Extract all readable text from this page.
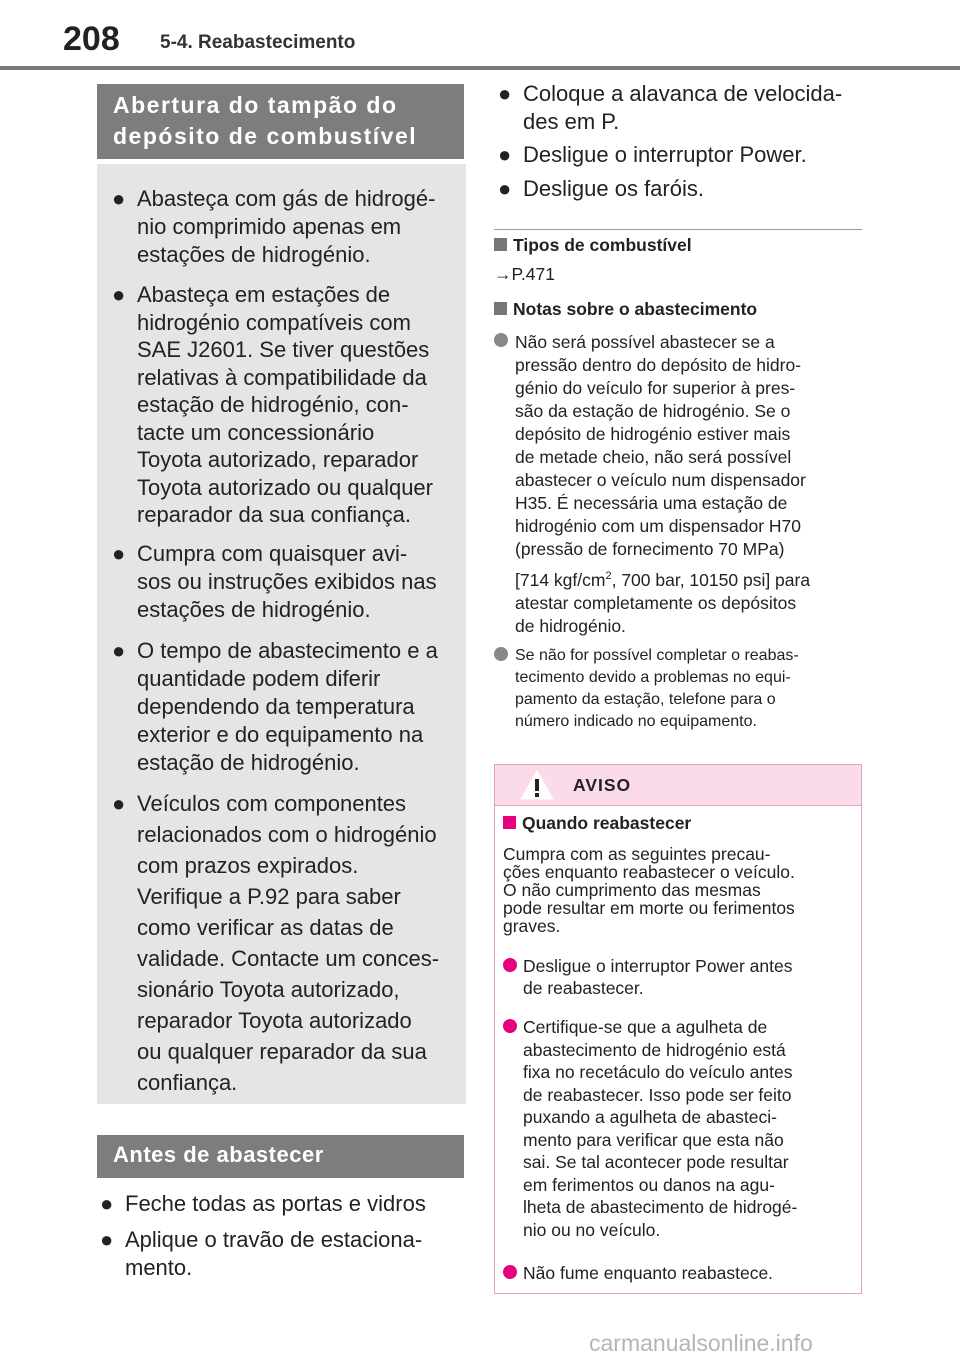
208 5-4. Reabastecimento
Abertura do tampão do
depósito de combustível
● Abasteça com gás de hidrogé-
nio comprimido apenas em
estações de hidrogénio.
● Abasteça em estações de
hidrogénio compatíveis com
SAE J2601. Se tiver questões
relativas à compatibilidade da
estação de hidrogénio, con-
tacte um concessionário
Toyota autorizado, reparador
Toyota autorizado ou qualquer
reparador da sua confiança.
● Cumpra com quaisquer avi-
sos ou instruções exibidos nas
estações de hidrogénio.
● O tempo de abastecimento e a
quantidade podem diferir
dependendo da temperatura
exterior e do equipamento na
estação de hidrogénio.
● Veículos com componentes
relacionados com o hidrogénio
com prazos expirados.
Verifique a P.92 para saber
como verificar as datas de
validade. Contacte um conces-
sionário Toyota autorizado,
reparador Toyota autorizado
ou qualquer reparador da sua
confiança.
Antes de abastecer
● Feche todas as portas e vidros
● Aplique o travão de estaciona-
mento.
● Coloque a alavanca de velocida-
des em P.
● Desligue o interruptor Power.
● Desligue os faróis.
Tipos de combustível
→P.471
Notas sobre o abastecimento
Não será possível abastecer se a
pressão dentro do depósito de hidro-
génio do veículo for superior à pres-
são da estação de hidrogénio. Se o
depósito de hidrogénio estiver mais
de metade cheio, não será possível
abastecer o veículo num dispensador
H35. É necessária uma estação de
hidrogénio com um dispensador H70
(pressão de fornecimento 70 MPa)
[714 kgf/$cm^2$, 700 bar, 10150 psi] para
atestar completamente os depósitos
de hidrogénio.
Se não for possível completar o reabas-
tecimento devido a problemas no equi-
pamento da estação, telefone para o
número indicado no equipamento.
AVISO
Quando reabastecer
Cumpra com as seguintes precau-
ções enquanto reabastecer o veículo.
O não cumprimento das mesmas
pode resultar em morte ou ferimentos
graves.
Desligue o interruptor Power antes
de reabastecer.
Certifique-se que a agulheta de
abastecimento de hidrogénio está
fixa no recetáculo do veículo antes
de reabastecer. Isso pode ser feito
puxando a agulheta de abasteci-
mento para verificar que esta não
sai. Se tal acontecer pode resultar
em ferimentos ou danos na agu-
lheta de abastecimento de hidrogé-
nio ou no veículo.
Não fume enquanto reabastece.
carmanualsonline.info
